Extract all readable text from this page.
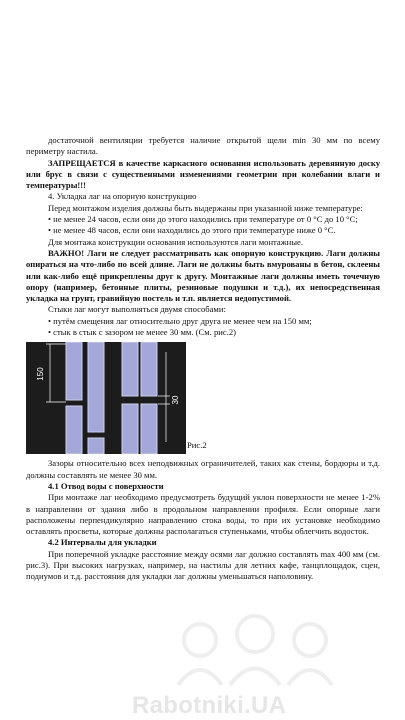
достаточной вентиляции требуется наличие открытой щели min 30 мм по всему периметру настила.

ЗАПРЕЩАЕТСЯ в качестве каркасного основания использовать деревянную доску или брус в связи с существенными изменениями геометрии при колебании влаги и температуры!!!

4. Укладка лаг на опорную конструкцию

Перед монтажом изделия должны быть выдержаны при указанной ниже температуре:

• не менее 24 часов, если они до этого находились при температуре от 0 °С до 10 °С;

• не менее 48 часов, если они находились до этого при температуре ниже 0 °С.

Для монтажа конструкции основания используются лаги монтажные.

ВАЖНО! Лаги не следует рассматривать как опорную конструкцию. Лаги должны опираться на что-либо по всей длине. Лаги не должны быть вмурованы в бетон, склеены или как-либо ещё прикреплены друг к другу. Монтажные лаги должны иметь точечную опору (например, бетонные плиты, резиновые подушки и т.д.), их непосредственная укладка на грунт, гравийную постель и т.п. является недопустимой.

Стыки лаг могут выполняться двумя способами:

• путём смещения лаг относительно друг друга не менее чем на 150 мм;

• стык в стык с зазором не менее 30 мм. (См. рис.2)

150
30
Рис.2

Зазоры относительно всех неподвижных ограничителей, таких как стены, бордюры и т.д. должны составлять не менее 30 мм.

4.1 Отвод воды с поверхности

При монтаже лаг необходимо предусмотреть будущий уклон поверхности не менее 1-2% в направлении от здания либо в продольном направлении профиля. Если опорные лаги расположены перпендикулярно направлению стока воды, то при их установке необходимо оставлять просветы, которые должны располагаться ступеньками, чтобы облегчить водосток.

4.2 Интервалы для укладки

При поперечной укладке расстояние между осями лаг должно составлять max 400 мм (см. рис.3). При высоких нагрузках, например, на настилы для летних кафе, танцплощадок, сцен, подиумов и т.д. расстояния для укладки лаг должны уменьшаться наполовину.

Rabotniki.UA
